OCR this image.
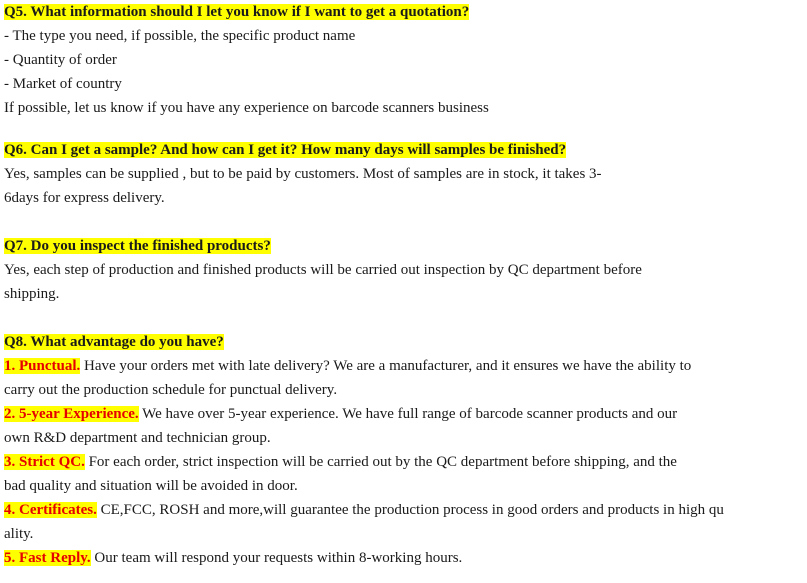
Q5. What information should I let you know if I want to get a quotation?
- The type you need, if possible, the specific product name
- Quantity of order
- Market of country
If possible, let us know if you have any experience on barcode scanners business
Q6. Can I get a sample? And how can I get it? How many days will samples be finished?
Yes, samples can be supplied , but to be paid by customers. Most of samples are in stock, it takes 3-
6days for express delivery.
Q7. Do you inspect the finished products?
Yes, each step of production and finished products will be carried out inspection by QC department before
shipping.
Q8. What advantage do you have?
1. Punctual. Have your orders met with late delivery? We are a manufacturer, and it ensures we have the ability to
carry out the production schedule for punctual delivery.
2. 5-year Experience. We have over 5-year experience. We have full range of barcode scanner products and our
own R&D department and technician group.
3. Strict QC. For each order, strict inspection will be carried out by the QC department before shipping, and the
bad quality and situation will be avoided in door.
4. Certificates. CE,FCC, ROSH and more,will guarantee the production process in good orders and products in high qu
ality.
5. Fast Reply. Our team will respond your requests within 8-working hours.
